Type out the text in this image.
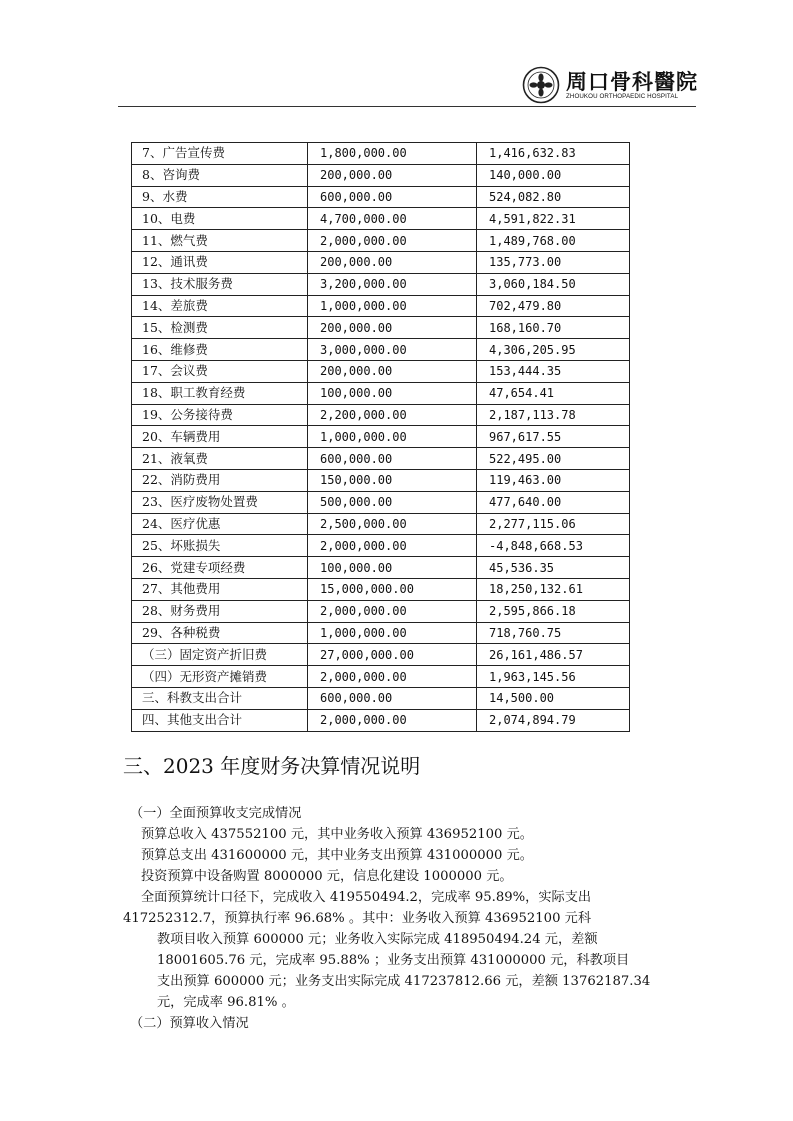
周口骨科醫院
ZHOUKOU ORTHOPAEDIC HOSPITAL
7、广告宣传费	1,800,000.00	1,416,632.83
8、咨询费	200,000.00	140,000.00
9、水费	600,000.00	524,082.80
10、电费	4,700,000.00	4,591,822.31
11、燃气费	2,000,000.00	1,489,768.00
12、通讯费	200,000.00	135,773.00
13、技术服务费	3,200,000.00	3,060,184.50
14、差旅费	1,000,000.00	702,479.80
15、检测费	200,000.00	168,160.70
16、维修费	3,000,000.00	4,306,205.95
17、会议费	200,000.00	153,444.35
18、职工教育经费	100,000.00	47,654.41
19、公务接待费	2,200,000.00	2,187,113.78
20、车辆费用	1,000,000.00	967,617.55
21、液氧费	600,000.00	522,495.00
22、消防费用	150,000.00	119,463.00
23、医疗废物处置费	500,000.00	477,640.00
24、医疗优惠	2,500,000.00	2,277,115.06
25、坏账损失	2,000,000.00	-4,848,668.53
26、党建专项经费	100,000.00	45,536.35
27、其他费用	15,000,000.00	18,250,132.61
28、财务费用	2,000,000.00	2,595,866.18
29、各种税费	1,000,000.00	718,760.75
（三）固定资产折旧费	27,000,000.00	26,161,486.57
（四）无形资产摊销费	2,000,000.00	1,963,145.56
三、科教支出合计	600,000.00	14,500.00
四、其他支出合计	2,000,000.00	2,074,894.79
三、2023 年度财务决算情况说明
（一）全面预算收支完成情况
预算总收入 437552100 元，其中业务收入预算 436952100 元。
预算总支出 431600000 元，其中业务支出预算 431000000 元。
投资预算中设备购置 8000000 元，信息化建设 1000000 元。
全面预算统计口径下，完成收入 419550494.2，完成率 95.89%，实际支出
417252312.7，预算执行率 96.68% 。其中：业务收入预算 436952100 元科
教项目收入预算 600000 元；业务收入实际完成 418950494.24 元，差额
18001605.76 元，完成率 95.88% ；业务支出预算 431000000 元，科教项目
支出预算 600000 元；业务支出实际完成 417237812.66 元，差额 13762187.34
元，完成率 96.81% 。
（二）预算收入情况
